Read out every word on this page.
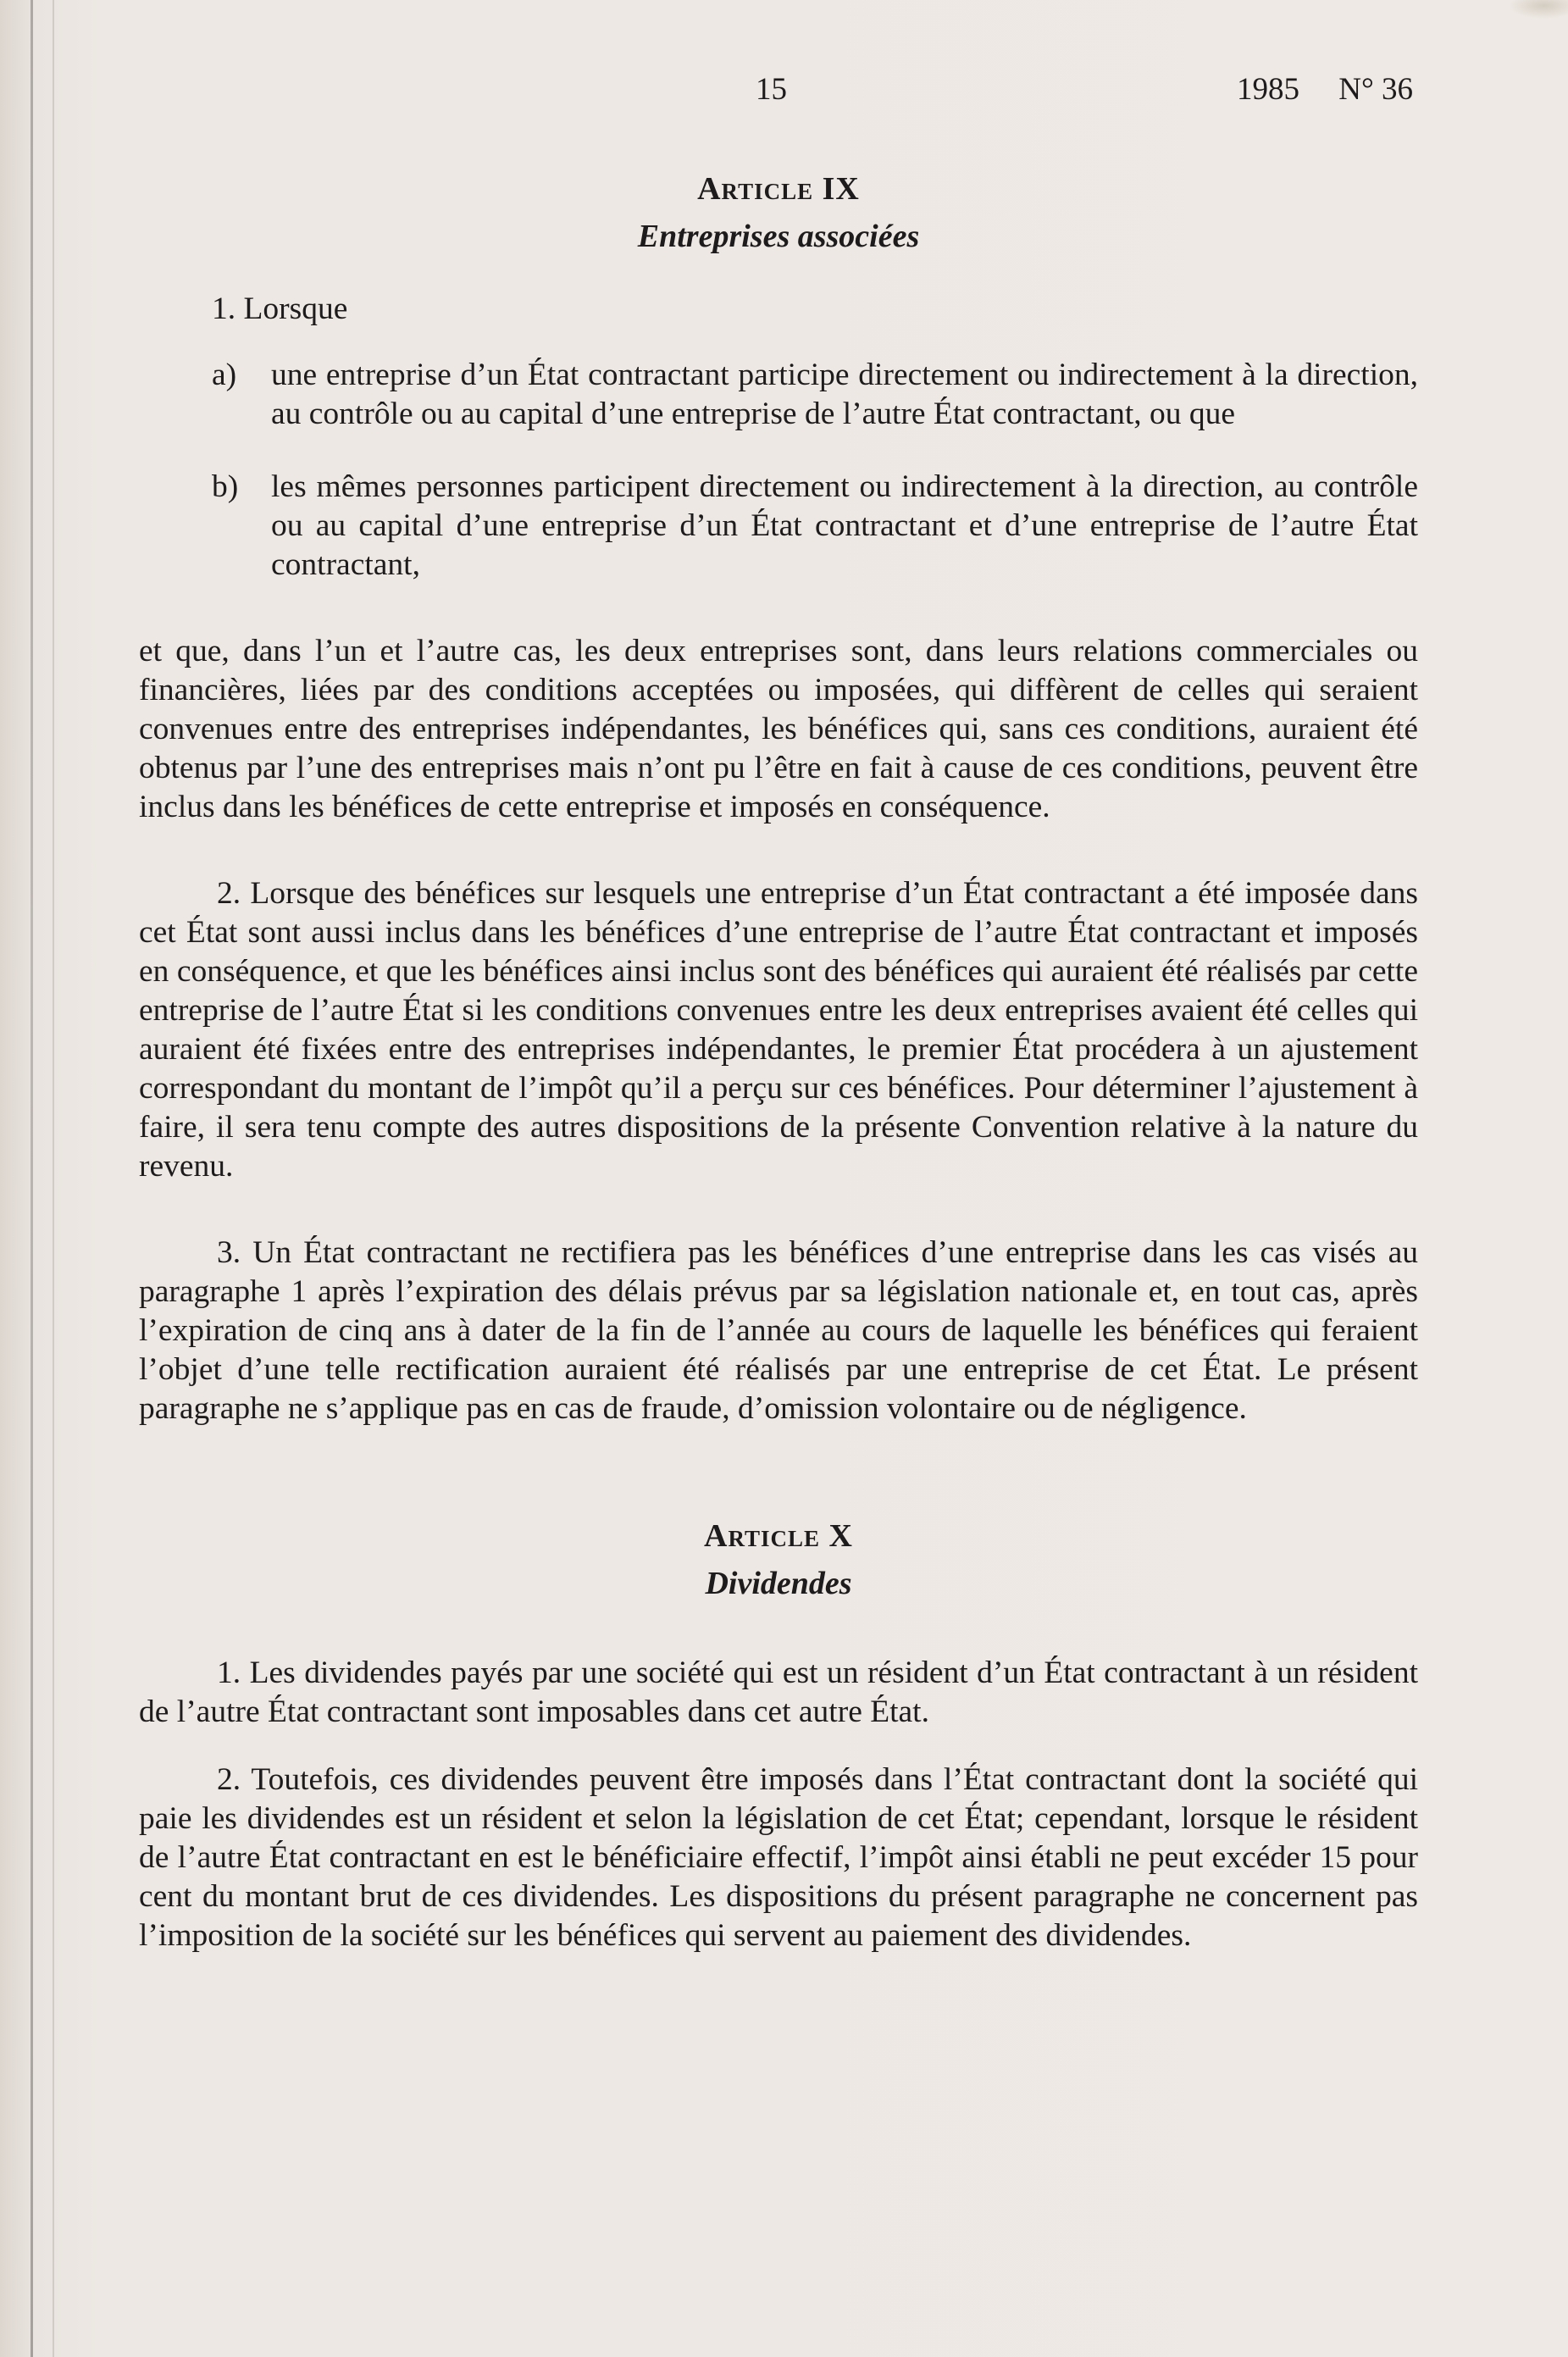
15	1985 N° 36
Article IX
Entreprises associées

1. Lorsque

a) une entreprise d’un État contractant participe directement ou indirectement à la direction, au contrôle ou au capital d’une entreprise de l’autre État contractant, ou que

b) les mêmes personnes participent directement ou indirectement à la direction, au contrôle ou au capital d’une entreprise d’un État contractant et d’une entreprise de l’autre État contractant,

et que, dans l’un et l’autre cas, les deux entreprises sont, dans leurs relations commerciales ou financières, liées par des conditions acceptées ou imposées, qui diffèrent de celles qui seraient convenues entre des entreprises indépendantes, les bénéfices qui, sans ces conditions, auraient été obtenus par l’une des entreprises mais n’ont pu l’être en fait à cause de ces conditions, peuvent être inclus dans les bénéfices de cette entreprise et imposés en conséquence.

2. Lorsque des bénéfices sur lesquels une entreprise d’un État contractant a été imposée dans cet État sont aussi inclus dans les bénéfices d’une entreprise de l’autre État contractant et imposés en conséquence, et que les bénéfices ainsi inclus sont des bénéfices qui auraient été réalisés par cette entreprise de l’autre État si les conditions convenues entre les deux entreprises avaient été celles qui auraient été fixées entre des entreprises indépendantes, le premier État procédera à un ajustement correspondant du montant de l’impôt qu’il a perçu sur ces bénéfices. Pour déterminer l’ajustement à faire, il sera tenu compte des autres dispositions de la présente Convention relative à la nature du revenu.

3. Un État contractant ne rectifiera pas les bénéfices d’une entreprise dans les cas visés au paragraphe 1 après l’expiration des délais prévus par sa législation nationale et, en tout cas, après l’expiration de cinq ans à dater de la fin de l’année au cours de laquelle les bénéfices qui feraient l’objet d’une telle rectification auraient été réalisés par une entreprise de cet État. Le présent paragraphe ne s’applique pas en cas de fraude, d’omission volontaire ou de négligence.

Article X
Dividendes

1. Les dividendes payés par une société qui est un résident d’un État contractant à un résident de l’autre État contractant sont imposables dans cet autre État.

2. Toutefois, ces dividendes peuvent être imposés dans l’État contractant dont la société qui paie les dividendes est un résident et selon la législation de cet État; cependant, lorsque le résident de l’autre État contractant en est le bénéficiaire effectif, l’impôt ainsi établi ne peut excéder 15 pour cent du montant brut de ces dividendes. Les dispositions du présent paragraphe ne concernent pas l’imposition de la société sur les bénéfices qui servent au paiement des dividendes.
